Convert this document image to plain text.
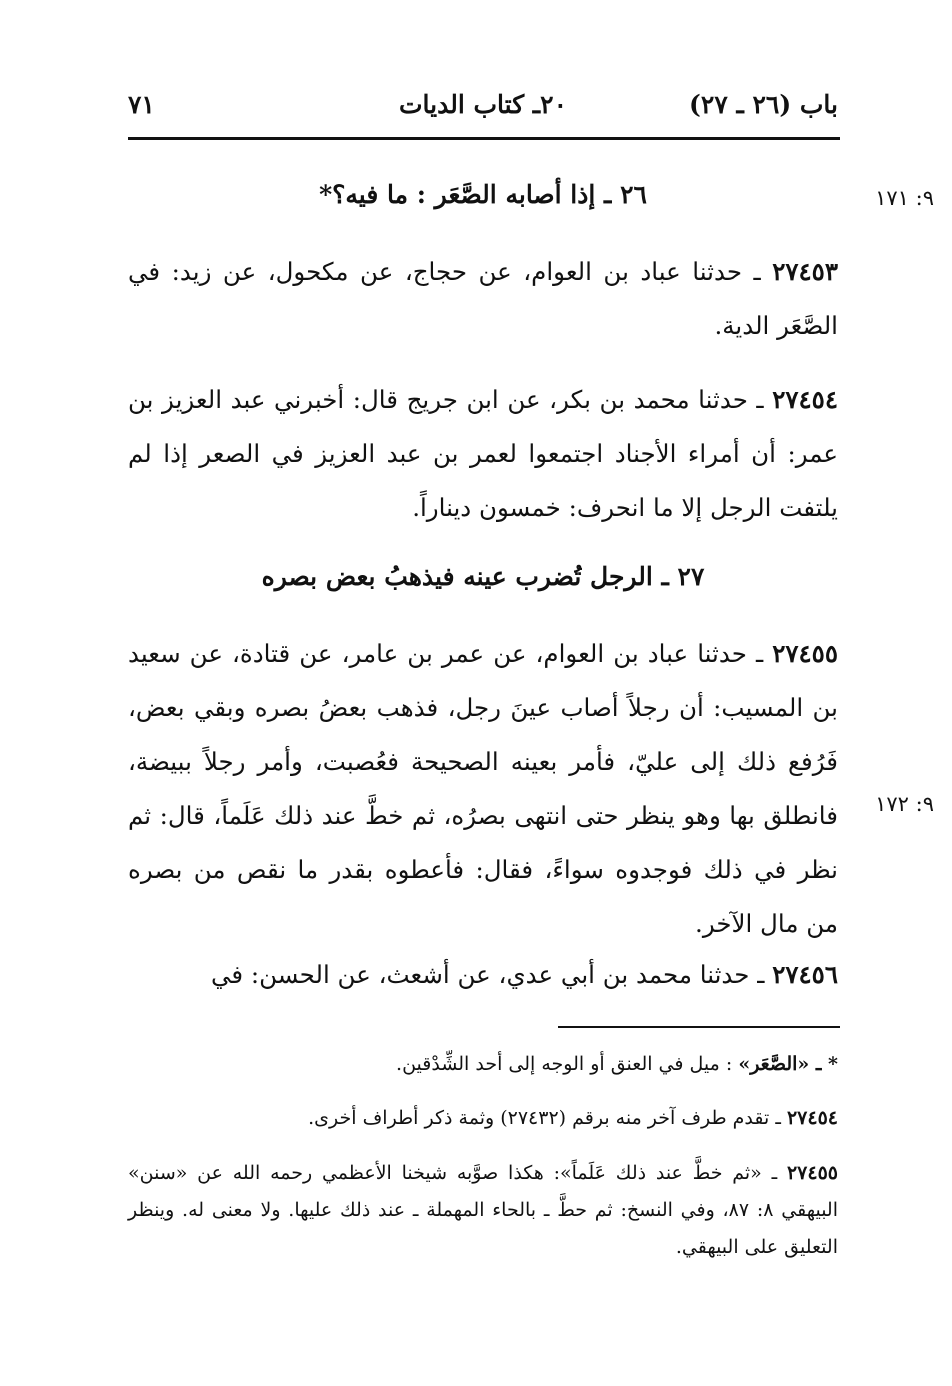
باب (٢٦ ـ ٢٧)
٢٠ـ كتاب الديات
٧١
٩: ١٧١
٩: ١٧٢
٢٦ ـ إذا أصابه الصَّعَر : ما فيه؟*

٢٧٤٥٣ ـ حدثنا عباد بن العوام، عن حجاج، عن مكحول، عن زيد: في الصَّعَر الدية.

٢٧٤٥٤ ـ حدثنا محمد بن بكر، عن ابن جريج قال: أخبرني عبد العزيز بن عمر: أن أمراء الأجناد اجتمعوا لعمر بن عبد العزيز في الصعر إذا لم يلتفت الرجل إلا ما انحرف: خمسون ديناراً.

٢٧ ـ الرجل تُضرب عينه فيذهبُ بعض بصره

٢٧٤٥٥ ـ حدثنا عباد بن العوام، عن عمر بن عامر، عن قتادة، عن سعيد بن المسيب: أن رجلاً أصاب عينَ رجل، فذهب بعضُ بصره وبقي بعض، فَرُفع ذلك إلى عليّ، فأمر بعينه الصحيحة فعُصبت، وأمر رجلاً ببيضة، فانطلق بها وهو ينظر حتى انتهى بصرُه، ثم خطَّ عند ذلك عَلَماً، قال: ثم نظر في ذلك فوجدوه سواءً، فقال: فأعطوه بقدر ما نقص من بصره من مال الآخر.

٢٧٤٥٦ ـ حدثنا محمد بن أبي عدي، عن أشعث، عن الحسن: في

* ـ «الصَّعَر» : ميل في العنق أو الوجه إلى أحد الشِّدْقين.

٢٧٤٥٤ ـ تقدم طرف آخر منه برقم (٢٧٤٣٢) وثمة ذكر أطراف أخرى.

٢٧٤٥٥ ـ «ثم خطَّ عند ذلك عَلَماً»: هكذا صوَّبه شيخنا الأعظمي رحمه الله عن «سنن» البيهقي ٨: ٨٧، وفي النسخ: ثم حطَّ ـ بالحاء المهملة ـ عند ذلك عليها. ولا معنى له. وينظر التعليق على البيهقي.
